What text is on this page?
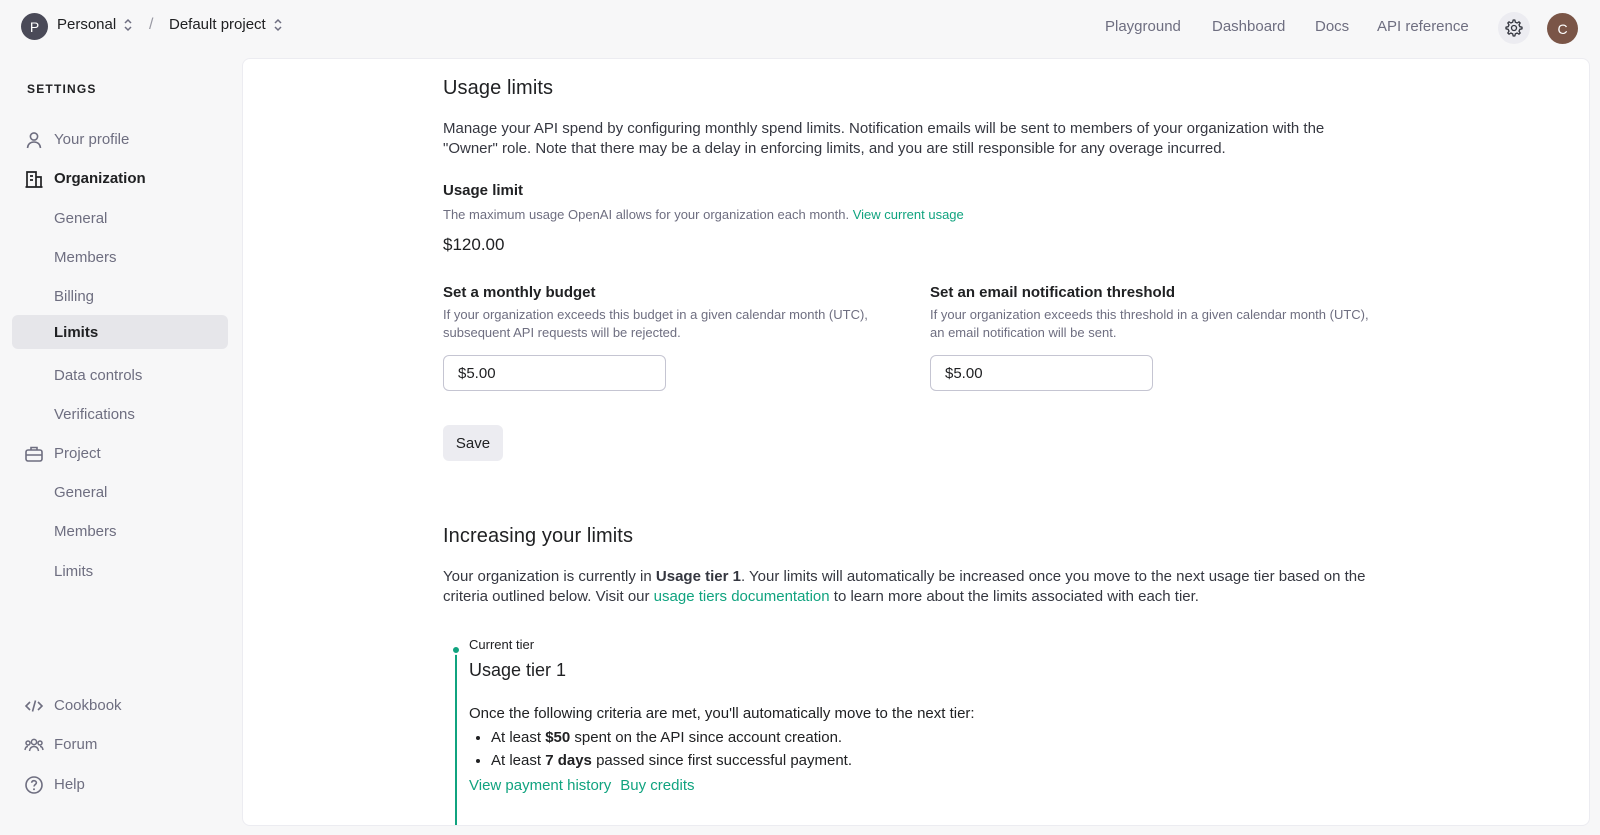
P	Personal / Default project	Playground Dashboard Docs API reference	C
SETTINGS
Your profile
Organization
General
Members
Billing
Limits
Data controls
Verifications
Project
General
Members
Limits
Cookbook
Forum
Help
Usage limits

Manage your API spend by configuring monthly spend limits. Notification emails will be sent to members of your organization with the
"Owner" role. Note that there may be a delay in enforcing limits, and you are still responsible for any overage incurred.

Usage limit
The maximum usage OpenAI allows for your organization each month. View current usage
$120.00
Set a monthly budget
If your organization exceeds this budget in a given calendar month (UTC),
subsequent API requests will be rejected.
$5.00
Set an email notification threshold
If your organization exceeds this threshold in a given calendar month (UTC),
an email notification will be sent.
$5.00
Save
Increasing your limits

Your organization is currently in Usage tier 1. Your limits will automatically be increased once you move to the next usage tier based on the
criteria outlined below. Visit our usage tiers documentation to learn more about the limits associated with each tier.

Current tier
Usage tier 1
Once the following criteria are met, you'll automatically move to the next tier:
• At least $50 spent on the API since account creation.
• At least 7 days passed since first successful payment.
View payment history Buy credits
